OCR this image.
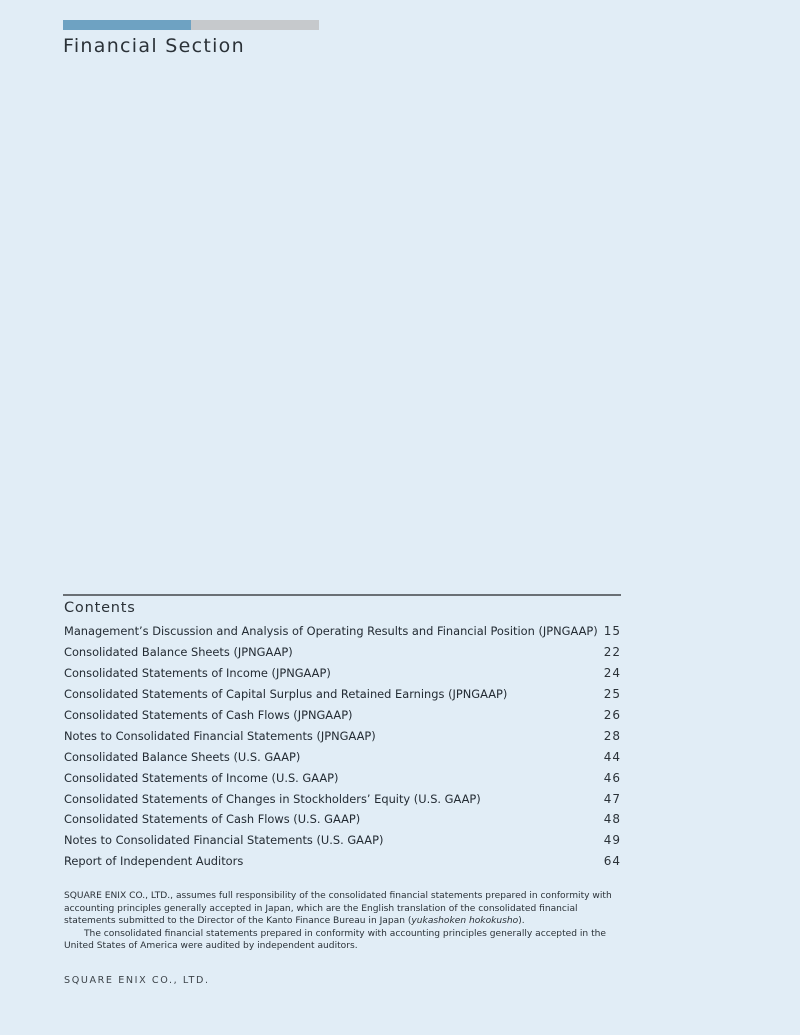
Financial Section
Contents
Management’s Discussion and Analysis of Operating Results and Financial Position (JPNGAAP) 15
Consolidated Balance Sheets (JPNGAAP)	22
Consolidated Statements of Income (JPNGAAP)	24
Consolidated Statements of Capital Surplus and Retained Earnings (JPNGAAP)	25
Consolidated Statements of Cash Flows (JPNGAAP)	26
Notes to Consolidated Financial Statements (JPNGAAP)	28
Consolidated Balance Sheets (U.S. GAAP)	44
Consolidated Statements of Income (U.S. GAAP)	46
Consolidated Statements of Changes in Stockholders’ Equity (U.S. GAAP)	47
Consolidated Statements of Cash Flows (U.S. GAAP)	48
Notes to Consolidated Financial Statements (U.S. GAAP)	49
Report of Independent Auditors	64

SQUARE ENIX CO., LTD., assumes full responsibility of the consolidated financial statements prepared in conformity with accounting principles generally accepted in Japan, which are the English translation of the consolidated financial statements submitted to the Director of the Kanto Finance Bureau in Japan (yukashoken hokokusho).

The consolidated financial statements prepared in conformity with accounting principles generally accepted in the United States of America were audited by independent auditors.

SQUARE ENIX CO., LTD.
